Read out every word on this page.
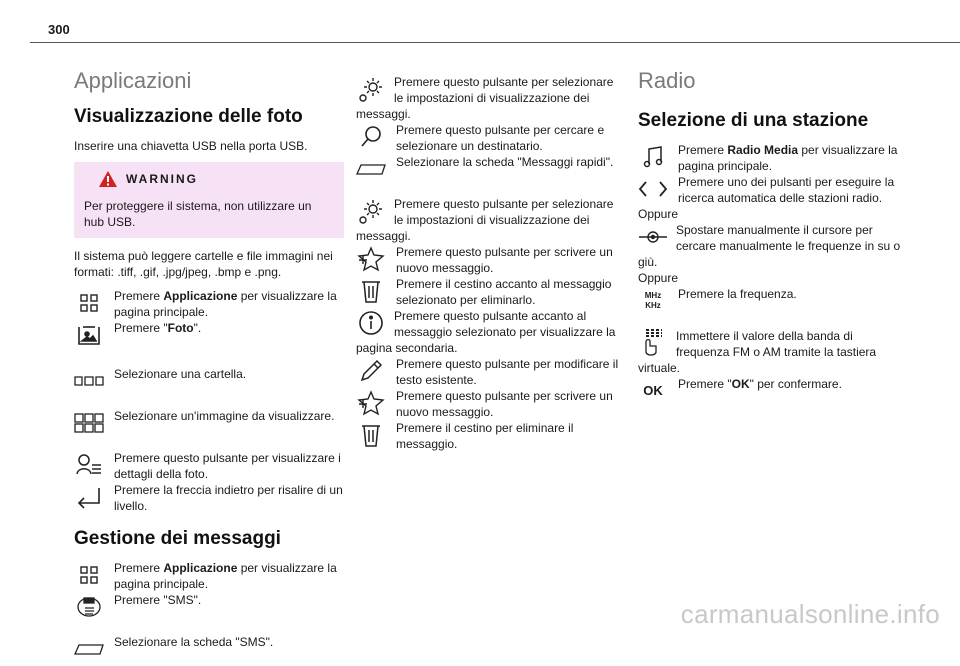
300
Applicazioni
Visualizzazione delle foto

Inserire una chiavetta USB nella porta USB.

WARNING
Per proteggere il sistema, non utilizzare un hub USB.

Il sistema può leggere cartelle e file immagini nei formati: .tiff, .gif, .jpg/jpeg, .bmp e .png.

Premere Applicazione per visualizzare la pagina principale.
Premere "Foto".
Selezionare una cartella.
Selezionare un'immagine da visualizzare.
Premere questo pulsante per visualizzare i dettagli della foto.
Premere la freccia indietro per risalire di un livello.
Gestione dei messaggi
Premere Applicazione per visualizzare la pagina principale.
Premere "SMS".
Selezionare la scheda "SMS".
Premere questo pulsante per selezionare le impostazioni di visualizzazione dei messaggi.
Premere questo pulsante per cercare e selezionare un destinatario.
Selezionare la scheda "Messaggi rapidi".
Premere questo pulsante per selezionare le impostazioni di visualizzazione dei messaggi.
Premere questo pulsante per scrivere un nuovo messaggio.
Premere il cestino accanto al messaggio selezionato per eliminarlo.
Premere questo pulsante accanto al messaggio selezionato per visualizzare la pagina secondaria.
Premere questo pulsante per modificare il testo esistente.
Premere questo pulsante per scrivere un nuovo messaggio.
Premere il cestino per eliminare il messaggio.
Radio
Selezione di una stazione
Premere Radio Media per visualizzare la pagina principale.
Premere uno dei pulsanti per eseguire la ricerca automatica delle stazioni radio.
Oppure
Spostare manualmente il cursore per cercare manualmente le frequenze in su o giù.
Oppure
MHz
KHz
Premere la frequenza.
Immettere il valore della banda di frequenza FM o AM tramite la tastiera virtuale.
OK Premere "OK" per confermare.
carmanualsonline.info
